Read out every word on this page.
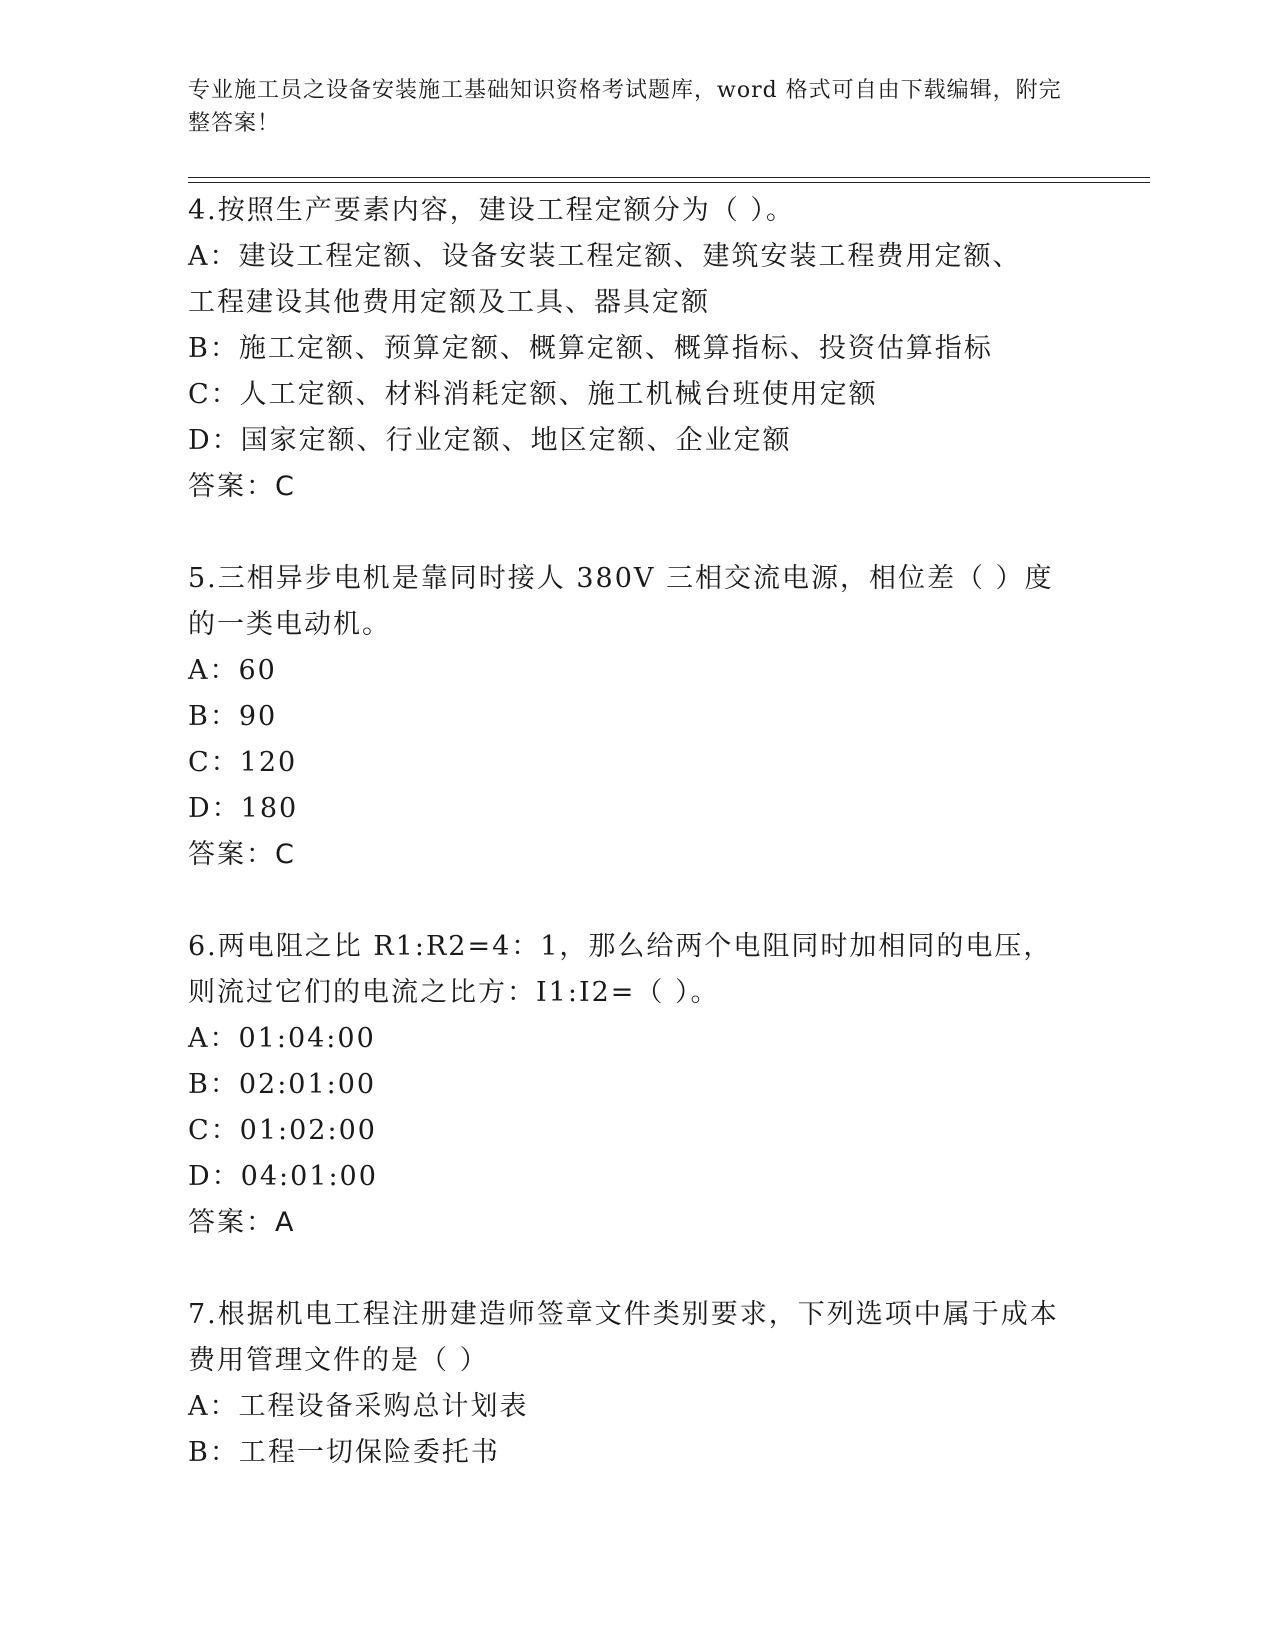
专业施工员之设备安装施工基础知识资格考试题库，word 格式可自由下载编辑，附完整答案！
4.按照生产要素内容，建设工程定额分为（ ）。
A：建设工程定额、设备安装工程定额、建筑安装工程费用定额、工程建设其他费用定额及工具、器具定额
B：施工定额、预算定额、概算定额、概算指标、投资估算指标
C：人工定额、材料消耗定额、施工机械台班使用定额
D：国家定额、行业定额、地区定额、企业定额
答案：C
5.三相异步电机是靠同时接人 380V 三相交流电源，相位差（ ）度的一类电动机。
A：60
B：90
C：120
D：180
答案：C
6.两电阻之比 R1:R2=4：1，那么给两个电阻同时加相同的电压，则流过它们的电流之比方：I1:I2=（ ）。
A：01:04:00
B：02:01:00
C：01:02:00
D：04:01:00
答案：A
7.根据机电工程注册建造师签章文件类别要求，下列选项中属于成本费用管理文件的是（ ）
A：工程设备采购总计划表
B：工程一切保险委托书
